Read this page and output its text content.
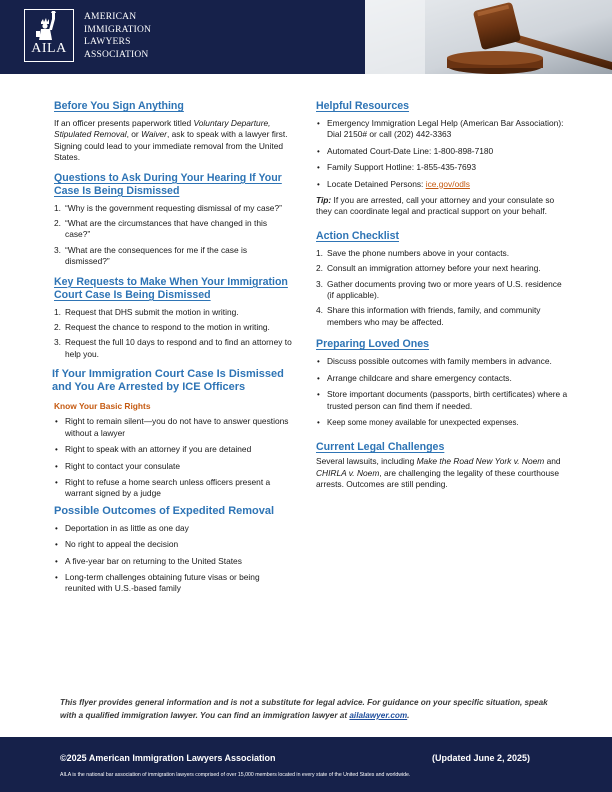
AILA
AMERICAN
IMMIGRATION
LAWYERS
ASSOCIATION
Before You Sign Anything

If an officer presents paperwork titled Voluntary Departure, Stipulated Removal, or Waiver, ask to speak with a lawyer first. Signing could lead to your immediate removal from the United States.

Questions to Ask During Your Hearing If Your Case Is Being Dismissed
1. “Why is the government requesting dismissal of my case?”
2. “What are the circumstances that have changed in this case?”
3. “What are the consequences for me if the case is dismissed?”
Key Requests to Make When Your Immigration Court Case Is Being Dismissed
1. Request that DHS submit the motion in writing.
2. Request the chance to respond to the motion in writing.
3. Request the full 10 days to respond and to find an attorney to help you.
If Your Immigration Court Case Is Dismissed and You Are Arrested by ICE Officers
Know Your Basic Rights
• Right to remain silent—you do not have to answer questions without a lawyer
• Right to speak with an attorney if you are detained
• Right to contact your consulate
• Right to refuse a home search unless officers present a warrant signed by a judge
Possible Outcomes of Expedited Removal
• Deportation in as little as one day
• No right to appeal the decision
• A five-year bar on returning to the United States
• Long-term challenges obtaining future visas or being reunited with U.S.-based family
Helpful Resources
• Emergency Immigration Legal Help (American Bar Association): Dial 2150# or call (202) 442-3363
• Automated Court-Date Line: 1-800-898-7180
• Family Support Hotline: 1-855-435-7693
• Locate Detained Persons: ice.gov/odls

Tip: If you are arrested, call your attorney and your consulate so they can coordinate legal and practical support on your behalf.

Action Checklist
1. Save the phone numbers above in your contacts.
2. Consult an immigration attorney before your next hearing.
3. Gather documents proving two or more years of U.S. residence (if applicable).
4. Share this information with friends, family, and community members who may be affected.
Preparing Loved Ones
• Discuss possible outcomes with family members in advance.
• Arrange childcare and share emergency contacts.
• Store important documents (passports, birth certificates) where a trusted person can find them if needed.
• Keep some money available for unexpected expenses.
Current Legal Challenges

Several lawsuits, including Make the Road New York v. Noem and CHIRLA v. Noem, are challenging the legality of these courthouse arrests. Outcomes are still pending.

This flyer provides general information and is not a substitute for legal advice. For guidance on your specific situation, speak with a qualified immigration lawyer. You can find an immigration lawyer at ailalawyer.com.
©2025 American Immigration Lawyers Association	(Updated June 2, 2025)
AILA is the national bar association of immigration lawyers comprised of over 15,000 members located in every state of the United States and worldwide.
